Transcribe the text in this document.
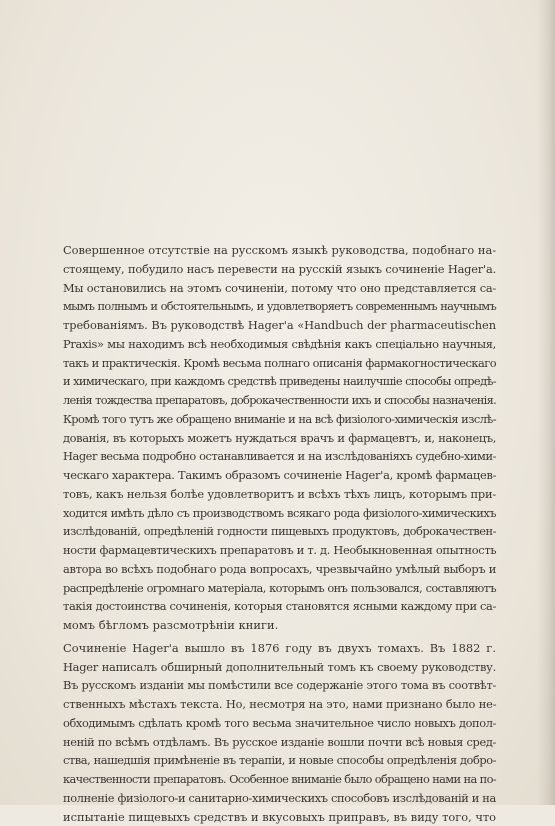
Совершенное отсутствіе на русскомъ языкѣ руководства, подобнаго на-
стоящему, побудило насъ перевести на русскій языкъ сочиненіе Hager'а.
Мы остановились на этомъ сочиненіи, потому что оно представляется са-
мымъ полнымъ и обстоятельнымъ, и удовлетворяетъ современнымъ научнымъ
требованіямъ. Въ руководствѣ Hager'а «Handbuch der pharmaceutischen
Praxis» мы находимъ всѣ необходимыя свѣдѣнія какъ спеціально научныя,
такъ и практическія. Кромѣ весьма полнаго описанія фармакогностическаго
и химическаго, при каждомъ средствѣ приведены наилучшіе способы опредѣ-
ленія тождества препаратовъ, доброкачественности ихъ и способы назначенія.
Кромѣ того тутъ же обращено вниманіе и на всѣ физіолого-химическія изслѣ-
дованія, въ которыхъ можетъ нуждаться врачъ и фармацевтъ, и, наконецъ,
Hager весьма подробно останавливается и на изслѣдованіяхъ судебно-хими-
ческаго характера. Такимъ образомъ сочиненіе Hager'а, кромѣ фармацев-
товъ, какъ нельзя болѣе удовлетворитъ и всѣхъ тѣхъ лицъ, которымъ при-
ходится имѣть дѣло съ производствомъ всякаго рода физіолого-химическихъ
изслѣдованій, опредѣленій годности пищевыхъ продуктовъ, доброкачествен-
ности фармацевтическихъ препаратовъ и т. д. Необыкновенная опытность
автора во всѣхъ подобнаго рода вопросахъ, чрезвычайно умѣлый выборъ и
распредѣленіе огромнаго матеріала, которымъ онъ пользовался, составляютъ
такія достоинства сочиненія, которыя становятся ясными каждому при са-
момъ бѣгломъ разсмотрѣніи книги.
Сочиненіе Hager'а вышло въ 1876 году въ двухъ томахъ. Въ 1882 г.
Hager написалъ обширный дополнительный томъ къ своему руководству.
Въ русскомъ изданіи мы помѣстили все содержаніе этого тома въ соотвѣт-
ственныхъ мѣстахъ текста. Но, несмотря на это, нами признано было не-
обходимымъ сдѣлать кромѣ того весьма значительное число новыхъ допол-
неній по всѣмъ отдѣламъ. Въ русское изданіе вошли почти всѣ новыя сред-
ства, нашедшія примѣненіе въ терапіи, и новые способы опредѣленія добро-
качественности препаратовъ. Особенное вниманіе было обращено нами на по-
полненіе физіолого-и санитарно-химическихъ способовъ изслѣдованій и на
испытаніе пищевыхъ средствъ и вкусовыхъ приправъ, въ виду того, что
